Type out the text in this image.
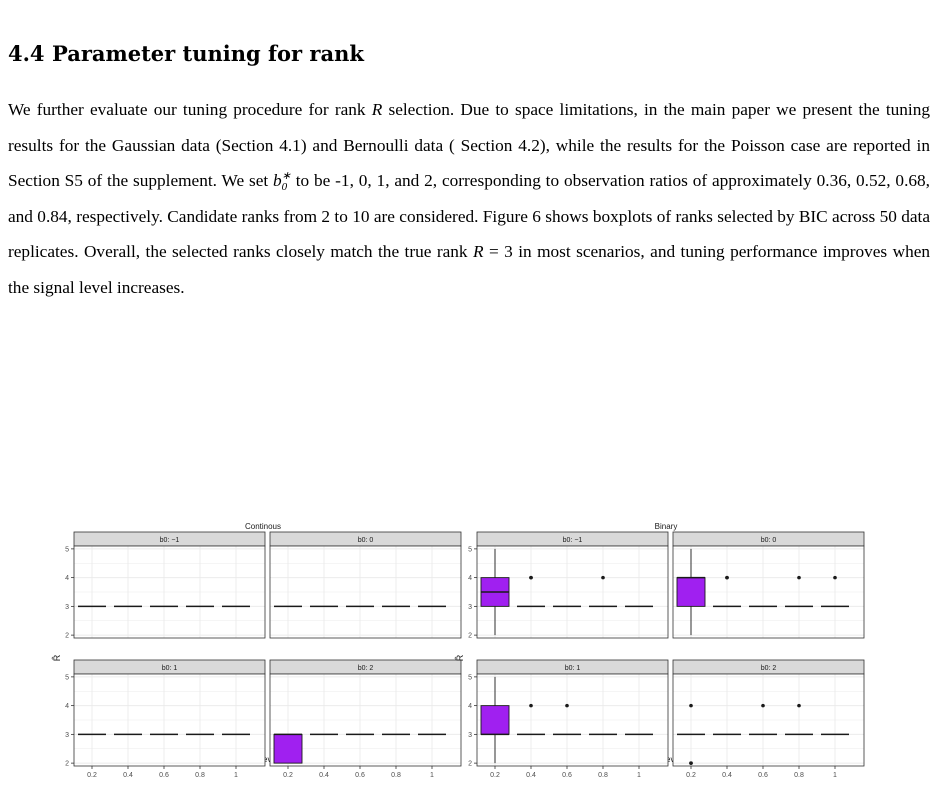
4.4 Parameter tuning for rank

We further evaluate our tuning procedure for rank R selection. Due to space limitations, in the main paper we present the tuning results for the Gaussian data (Section 4.1) and Bernoulli data ( Section 4.2), while the results for the Poisson case are reported in Section S5 of the supplement. We set b ∗
0 to be -1, 0, 1, and 2, corresponding to observation ratios of approximately 0.36, 0.52, 0.68, and 0.84, respectively. Candidate ranks from 2 to 10 are considered. Figure 6 shows boxplots of ranks selected by BIC across 50 data replicates. Overall, the selected ranks closely match the true rank R = 3 in most scenarios, and tuning performance improves when the signal level increases.

Continous
R̂
level
b0: −1
2
3
4
5
b0: 0
b0: 1
2
3
4
5
0.2	0.4	0.6	0.8	1
b0: 2
0.2	0.4	0.6	0.8	1
Binary
R̂
level
b0: −1
2
3
4
5
b0: 0
b0: 1
2
3
4
5
0.2	0.4	0.6	0.8	1
b0: 2
0.2	0.4	0.6	0.8	1
